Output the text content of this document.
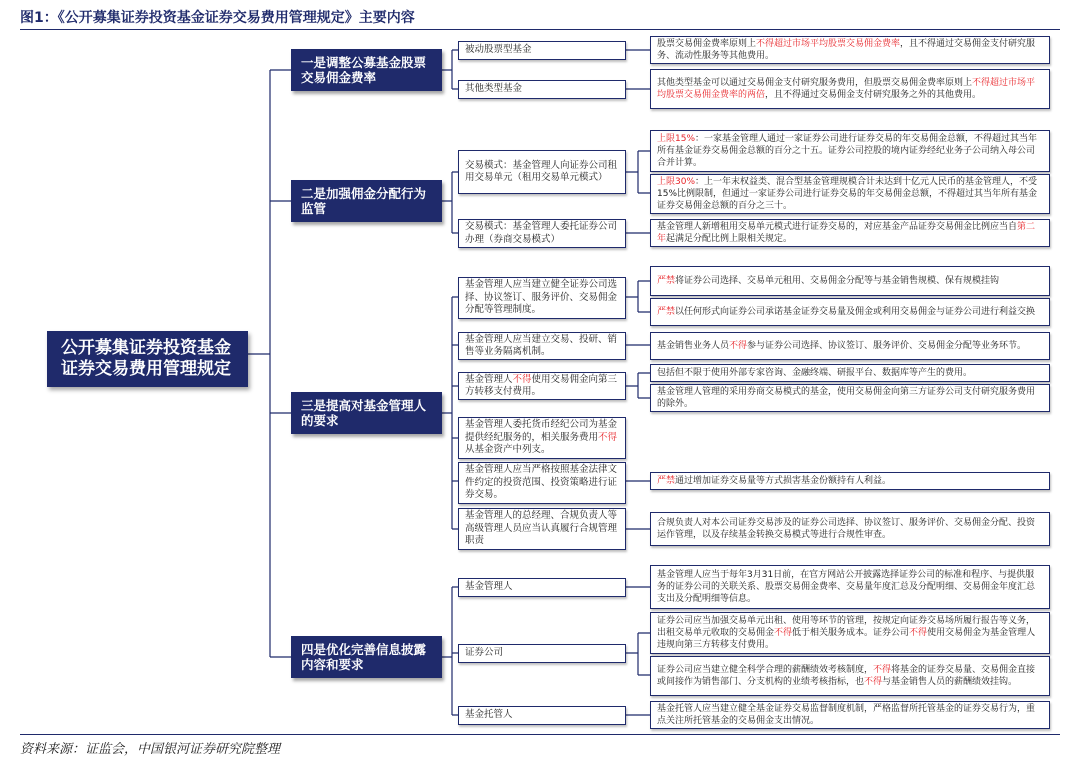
图1：《公开募集证券投资基金证券交易费用管理规定》主要内容
公开募集证券投资基金证券交易费用管理规定
一是调整公募基金股票交易佣金费率
二是加强佣金分配行为监管
三是提高对基金管理人的要求
四是优化完善信息披露内容和要求
被动股票型基金
其他类型基金
交易模式：基金管理人向证券公司租用交易单元（租用交易单元模式）
交易模式：基金管理人委托证券公司办理（券商交易模式）
基金管理人应当建立健全证券公司选择、协议签订、服务评价、交易佣金分配等管理制度。
基金管理人应当建立交易、投研、销售等业务隔离机制。
基金管理人不得使用交易佣金向第三方转移支付费用。
基金管理人委托货币经纪公司为基金提供经纪服务的，相关服务费用不得从基金资产中列支。
基金管理人应当严格按照基金法律文件约定的投资范围、投资策略进行证券交易。
基金管理人的总经理、合规负责人等高级管理人员应当认真履行合规管理职责
基金管理人
证券公司
基金托管人
股票交易佣金费率原则上不得超过市场平均股票交易佣金费率，且不得通过交易佣金支付研究服务、流动性服务等其他费用。
其他类型基金可以通过交易佣金支付研究服务费用，但股票交易佣金费率原则上不得超过市场平均股票交易佣金费率的两倍，且不得通过交易佣金支付研究服务之外的其他费用。
上限15%：一家基金管理人通过一家证券公司进行证券交易的年交易佣金总额，不得超过其当年所有基金证券交易佣金总额的百分之十五。证券公司控股的境内证券经纪业务子公司纳入母公司合并计算。
上限30%：上一年末权益类、混合型基金管理规模合计未达到十亿元人民币的基金管理人，不受15%比例限制，但通过一家证券公司进行证券交易的年交易佣金总额，不得超过其当年所有基金证券交易佣金总额的百分之三十。
基金管理人新增租用交易单元模式进行证券交易的，对应基金产品证券交易佣金比例应当自第二年起满足分配比例上限相关规定。
严禁将证券公司选择、交易单元租用、交易佣金分配等与基金销售规模、保有规模挂钩
严禁以任何形式向证券公司承诺基金证券交易量及佣金或利用交易佣金与证券公司进行利益交换
基金销售业务人员不得参与证券公司选择、协议签订、服务评价、交易佣金分配等业务环节。
包括但不限于使用外部专家咨询、金融终端、研报平台、数据库等产生的费用。
基金管理人管理的采用券商交易模式的基金，使用交易佣金向第三方证券公司支付研究服务费用的除外。
严禁通过增加证券交易量等方式损害基金份额持有人利益。
合规负责人对本公司证券交易涉及的证券公司选择、协议签订、服务评价、交易佣金分配、投资运作管理，以及存续基金转换交易模式等进行合规性审查。
基金管理人应当于每年3月31日前，在官方网站公开披露选择证券公司的标准和程序、与提供服务的证券公司的关联关系、股票交易佣金费率、交易量年度汇总及分配明细、交易佣金年度汇总支出及分配明细等信息。
证券公司应当加强交易单元出租、使用等环节的管理，按规定向证券交易场所履行报告等义务，出租交易单元收取的交易佣金不得低于相关服务成本。证券公司不得使用交易佣金为基金管理人违规向第三方转移支付费用。
证券公司应当建立健全科学合理的薪酬绩效考核制度，不得将基金的证券交易量、交易佣金直接或间接作为销售部门、分支机构的业绩考核指标，也不得与基金销售人员的薪酬绩效挂钩。
基金托管人应当建立健全基金证券交易监督制度机制，严格监督所托管基金的证券交易行为，重点关注所托管基金的交易佣金支出情况。
资料来源：证监会，中国银河证券研究院整理
